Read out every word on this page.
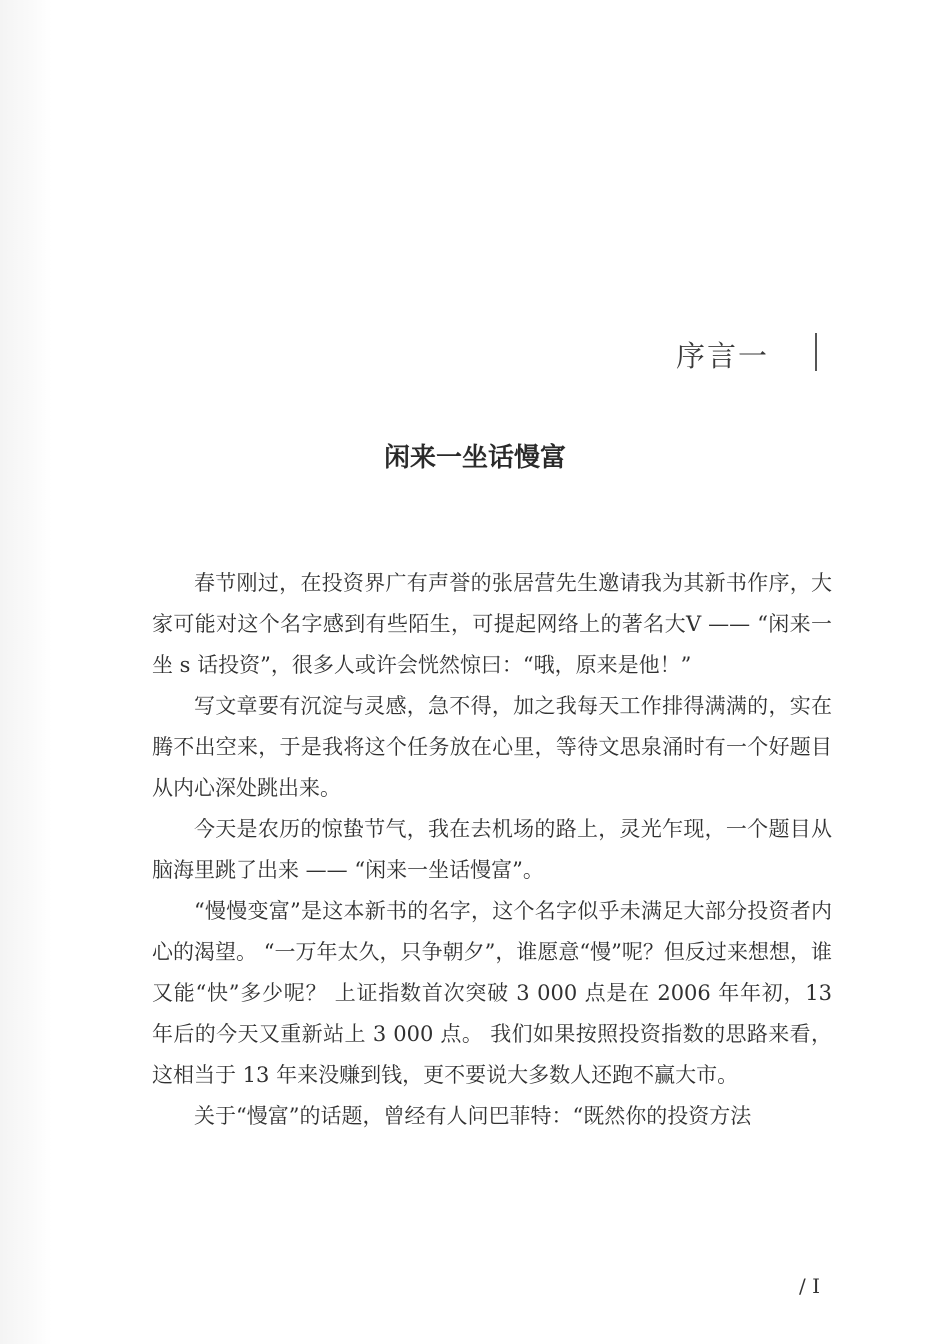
序言一
闲来一坐话慢富

春节刚过，在投资界广有声誉的张居营先生邀请我为其新书作序，大家可能对这个名字感到有些陌生，可提起网络上的著名大V —— “闲来一坐 s 话投资”，很多人或许会恍然惊曰：“哦，原来是他！”

写文章要有沉淀与灵感，急不得，加之我每天工作排得满满的，实在腾不出空来，于是我将这个任务放在心里，等待文思泉涌时有一个好题目从内心深处跳出来。

今天是农历的惊蛰节气，我在去机场的路上，灵光乍现，一个题目从脑海里跳了出来 —— “闲来一坐话慢富”。

“慢慢变富”是这本新书的名字，这个名字似乎未满足大部分投资者内心的渴望。 “一万年太久，只争朝夕”，谁愿意“慢”呢？但反过来想想，谁又能“快”多少呢？ 上证指数首次突破 3 000 点是在 2006 年年初，13 年后的今天又重新站上 3 000 点。 我们如果按照投资指数的思路来看，这相当于 13 年来没赚到钱，更不要说大多数人还跑不赢大市。

关于“慢富”的话题，曾经有人问巴菲特：“既然你的投资方法

/ I
